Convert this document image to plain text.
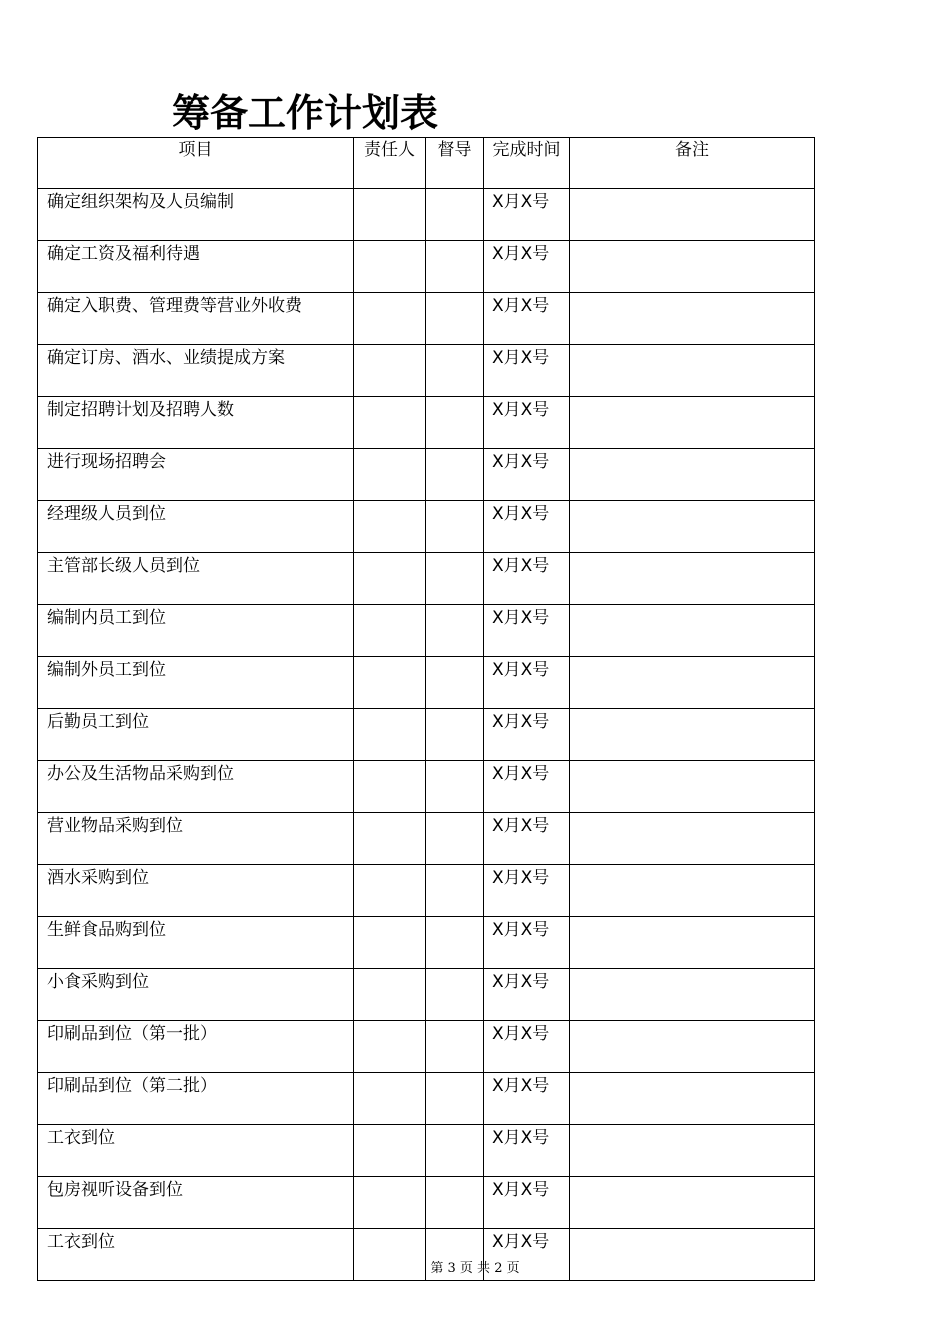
筹备工作计划表
项目	责任人	督导	完成时间	备注
确定组织架构及人员编制			X月X号	
确定工资及福利待遇			X月X号	
确定入职费、管理费等营业外收费			X月X号	
确定订房、酒水、业绩提成方案			X月X号	
制定招聘计划及招聘人数			X月X号	
进行现场招聘会			X月X号	
经理级人员到位			X月X号	
主管部长级人员到位			X月X号	
编制内员工到位			X月X号	
编制外员工到位			X月X号	
后勤员工到位			X月X号	
办公及生活物品采购到位			X月X号	
营业物品采购到位			X月X号	
酒水采购到位			X月X号	
生鲜食品购到位			X月X号	
小食采购到位			X月X号	
印刷品到位（第一批）			X月X号	
印刷品到位（第二批）			X月X号	
工衣到位			X月X号	
包房视听设备到位			X月X号	
工衣到位			X月X号	
第 3 页 共 2 页
